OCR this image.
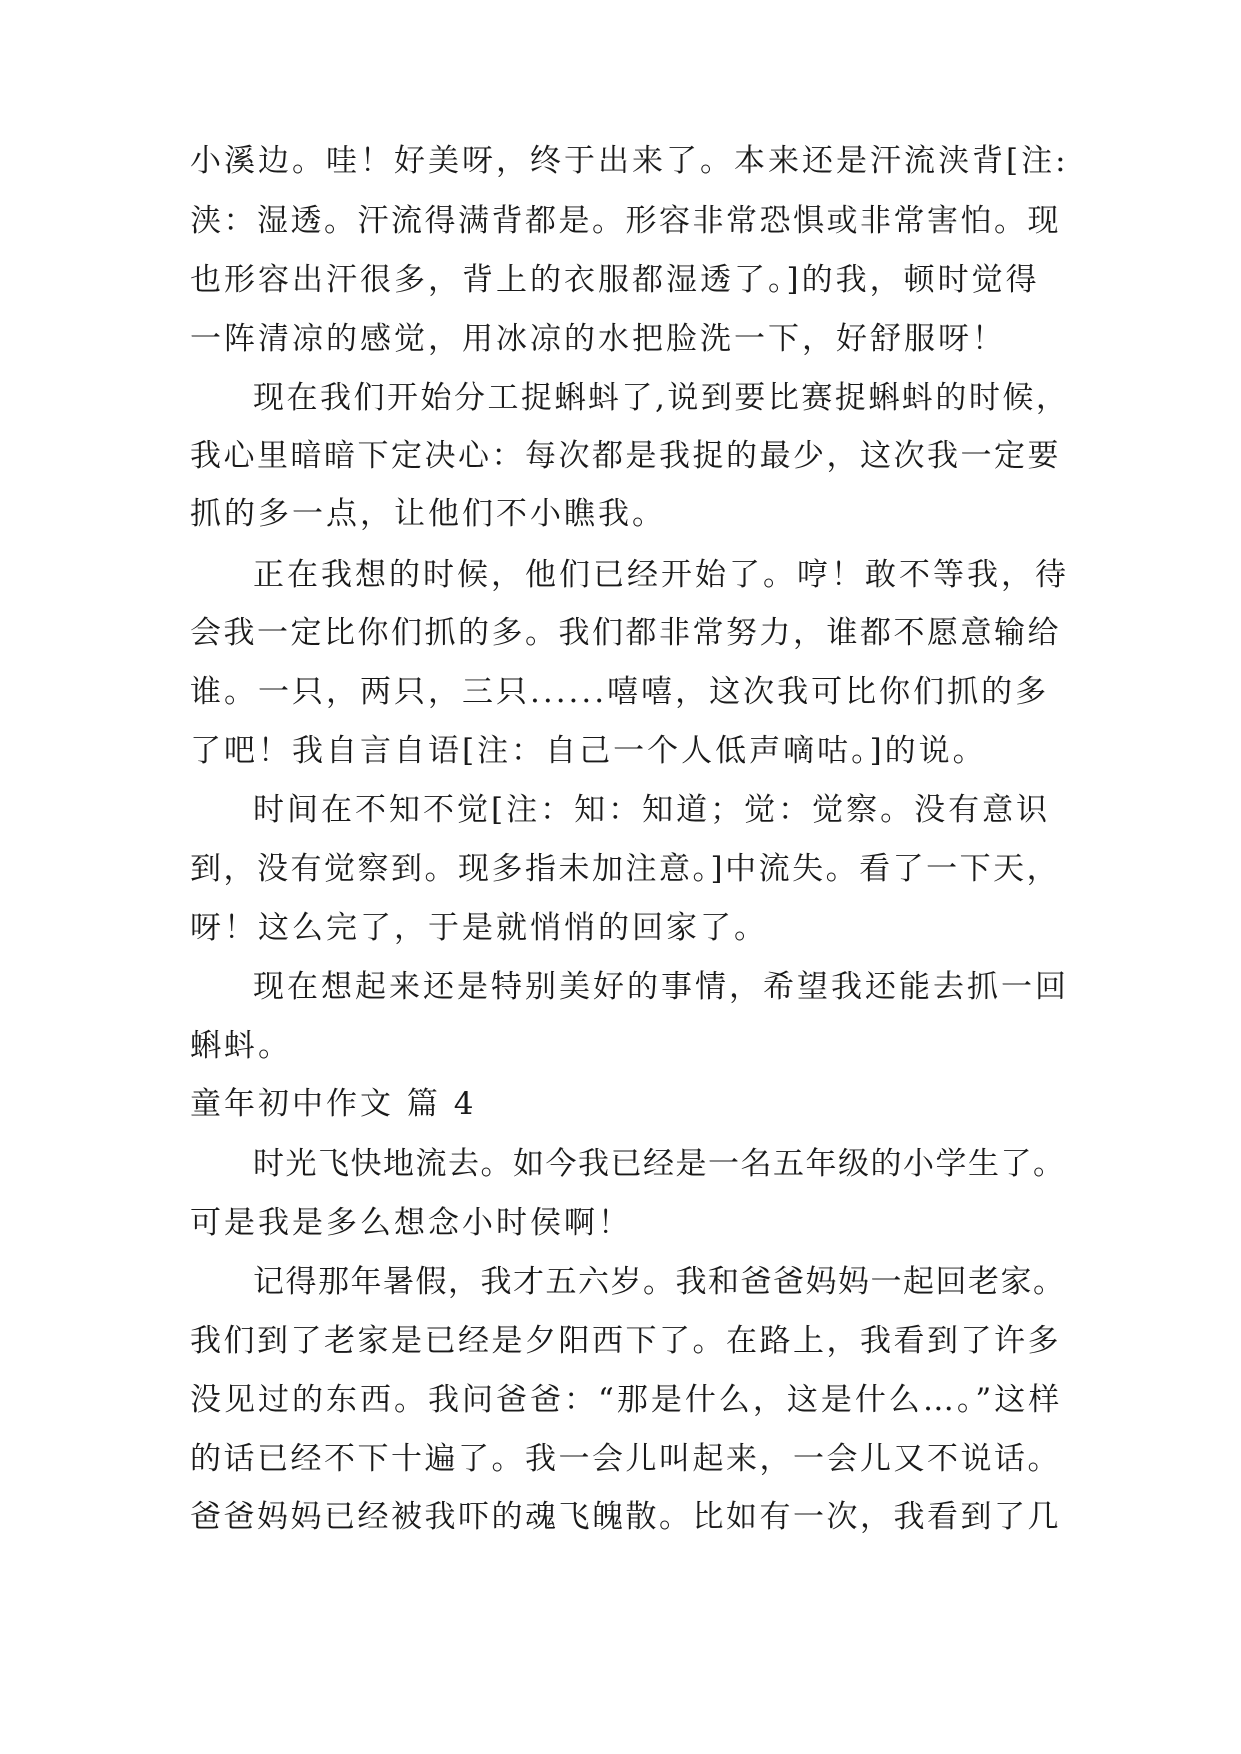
小溪边。哇！好美呀，终于出来了。本来还是汗流浃背[注:
浃：湿透。汗流得满背都是。形容非常恐惧或非常害怕。现
也形容出汗很多，背上的衣服都湿透了。]的我，顿时觉得
一阵清凉的感觉，用冰凉的水把脸洗一下，好舒服呀！
现在我们开始分工捉蝌蚪了,说到要比赛捉蝌蚪的时候，
我心里暗暗下定决心：每次都是我捉的最少，这次我一定要
抓的多一点，让他们不小瞧我。
正在我想的时候，他们已经开始了。哼！敢不等我，待
会我一定比你们抓的多。我们都非常努力，谁都不愿意输给
谁。一只，两只，三只......嘻嘻，这次我可比你们抓的多
了吧！我自言自语[注：自己一个人低声嘀咕。]的说。
时间在不知不觉[注：知：知道；觉：觉察。没有意识
到，没有觉察到。现多指未加注意。]中流失。看了一下天，
呀！这么完了，于是就悄悄的回家了。
现在想起来还是特别美好的事情，希望我还能去抓一回
蝌蚪。
童年初中作文 篇 4
时光飞快地流去。如今我已经是一名五年级的小学生了。
可是我是多么想念小时侯啊！
记得那年暑假，我才五六岁。我和爸爸妈妈一起回老家。
我们到了老家是已经是夕阳西下了。在路上，我看到了许多
没见过的东西。我问爸爸：“那是什么，这是什么…。”这样
的话已经不下十遍了。我一会儿叫起来，一会儿又不说话。
爸爸妈妈已经被我吓的魂飞魄散。比如有一次，我看到了几
